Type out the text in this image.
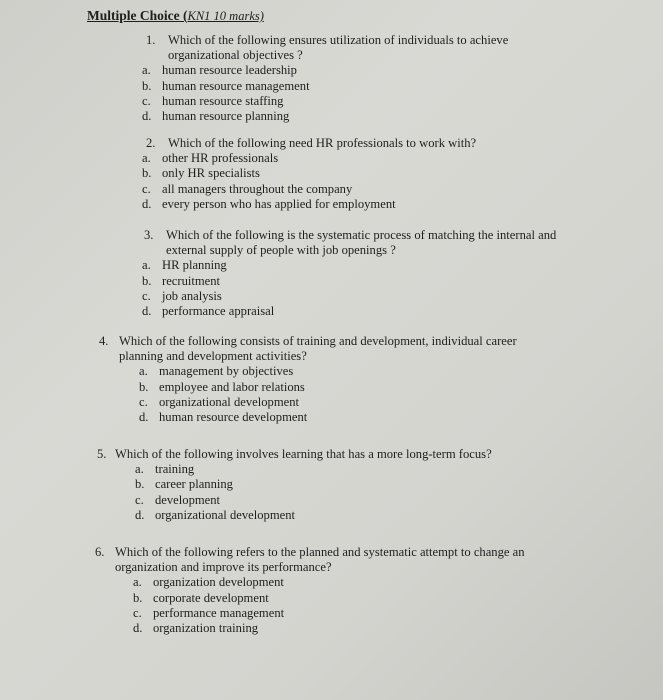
Multiple Choice (KN1 10 marks)
1. Which of the following ensures utilization of individuals to achieve organizational objectives ?
a. human resource leadership
b. human resource management
c. human resource staffing
d. human resource planning
2. Which of the following need HR professionals to work with?
a. other HR professionals
b. only HR specialists
c. all managers throughout the company
d. every person who has applied for employment
3. Which of the following is the systematic process of matching the internal and external supply of people with job openings ?
a. HR planning
b. recruitment
c. job analysis
d. performance appraisal
4. Which of the following consists of training and development, individual career planning and development activities?
a. management by objectives
b. employee and labor relations
c. organizational development
d. human resource development
5. Which of the following involves learning that has a more long-term focus?
a. training
b. career planning
c. development
d. organizational development
6. Which of the following refers to the planned and systematic attempt to change an organization and improve its performance?
a. organization development
b. corporate development
c. performance management
d. organization training
